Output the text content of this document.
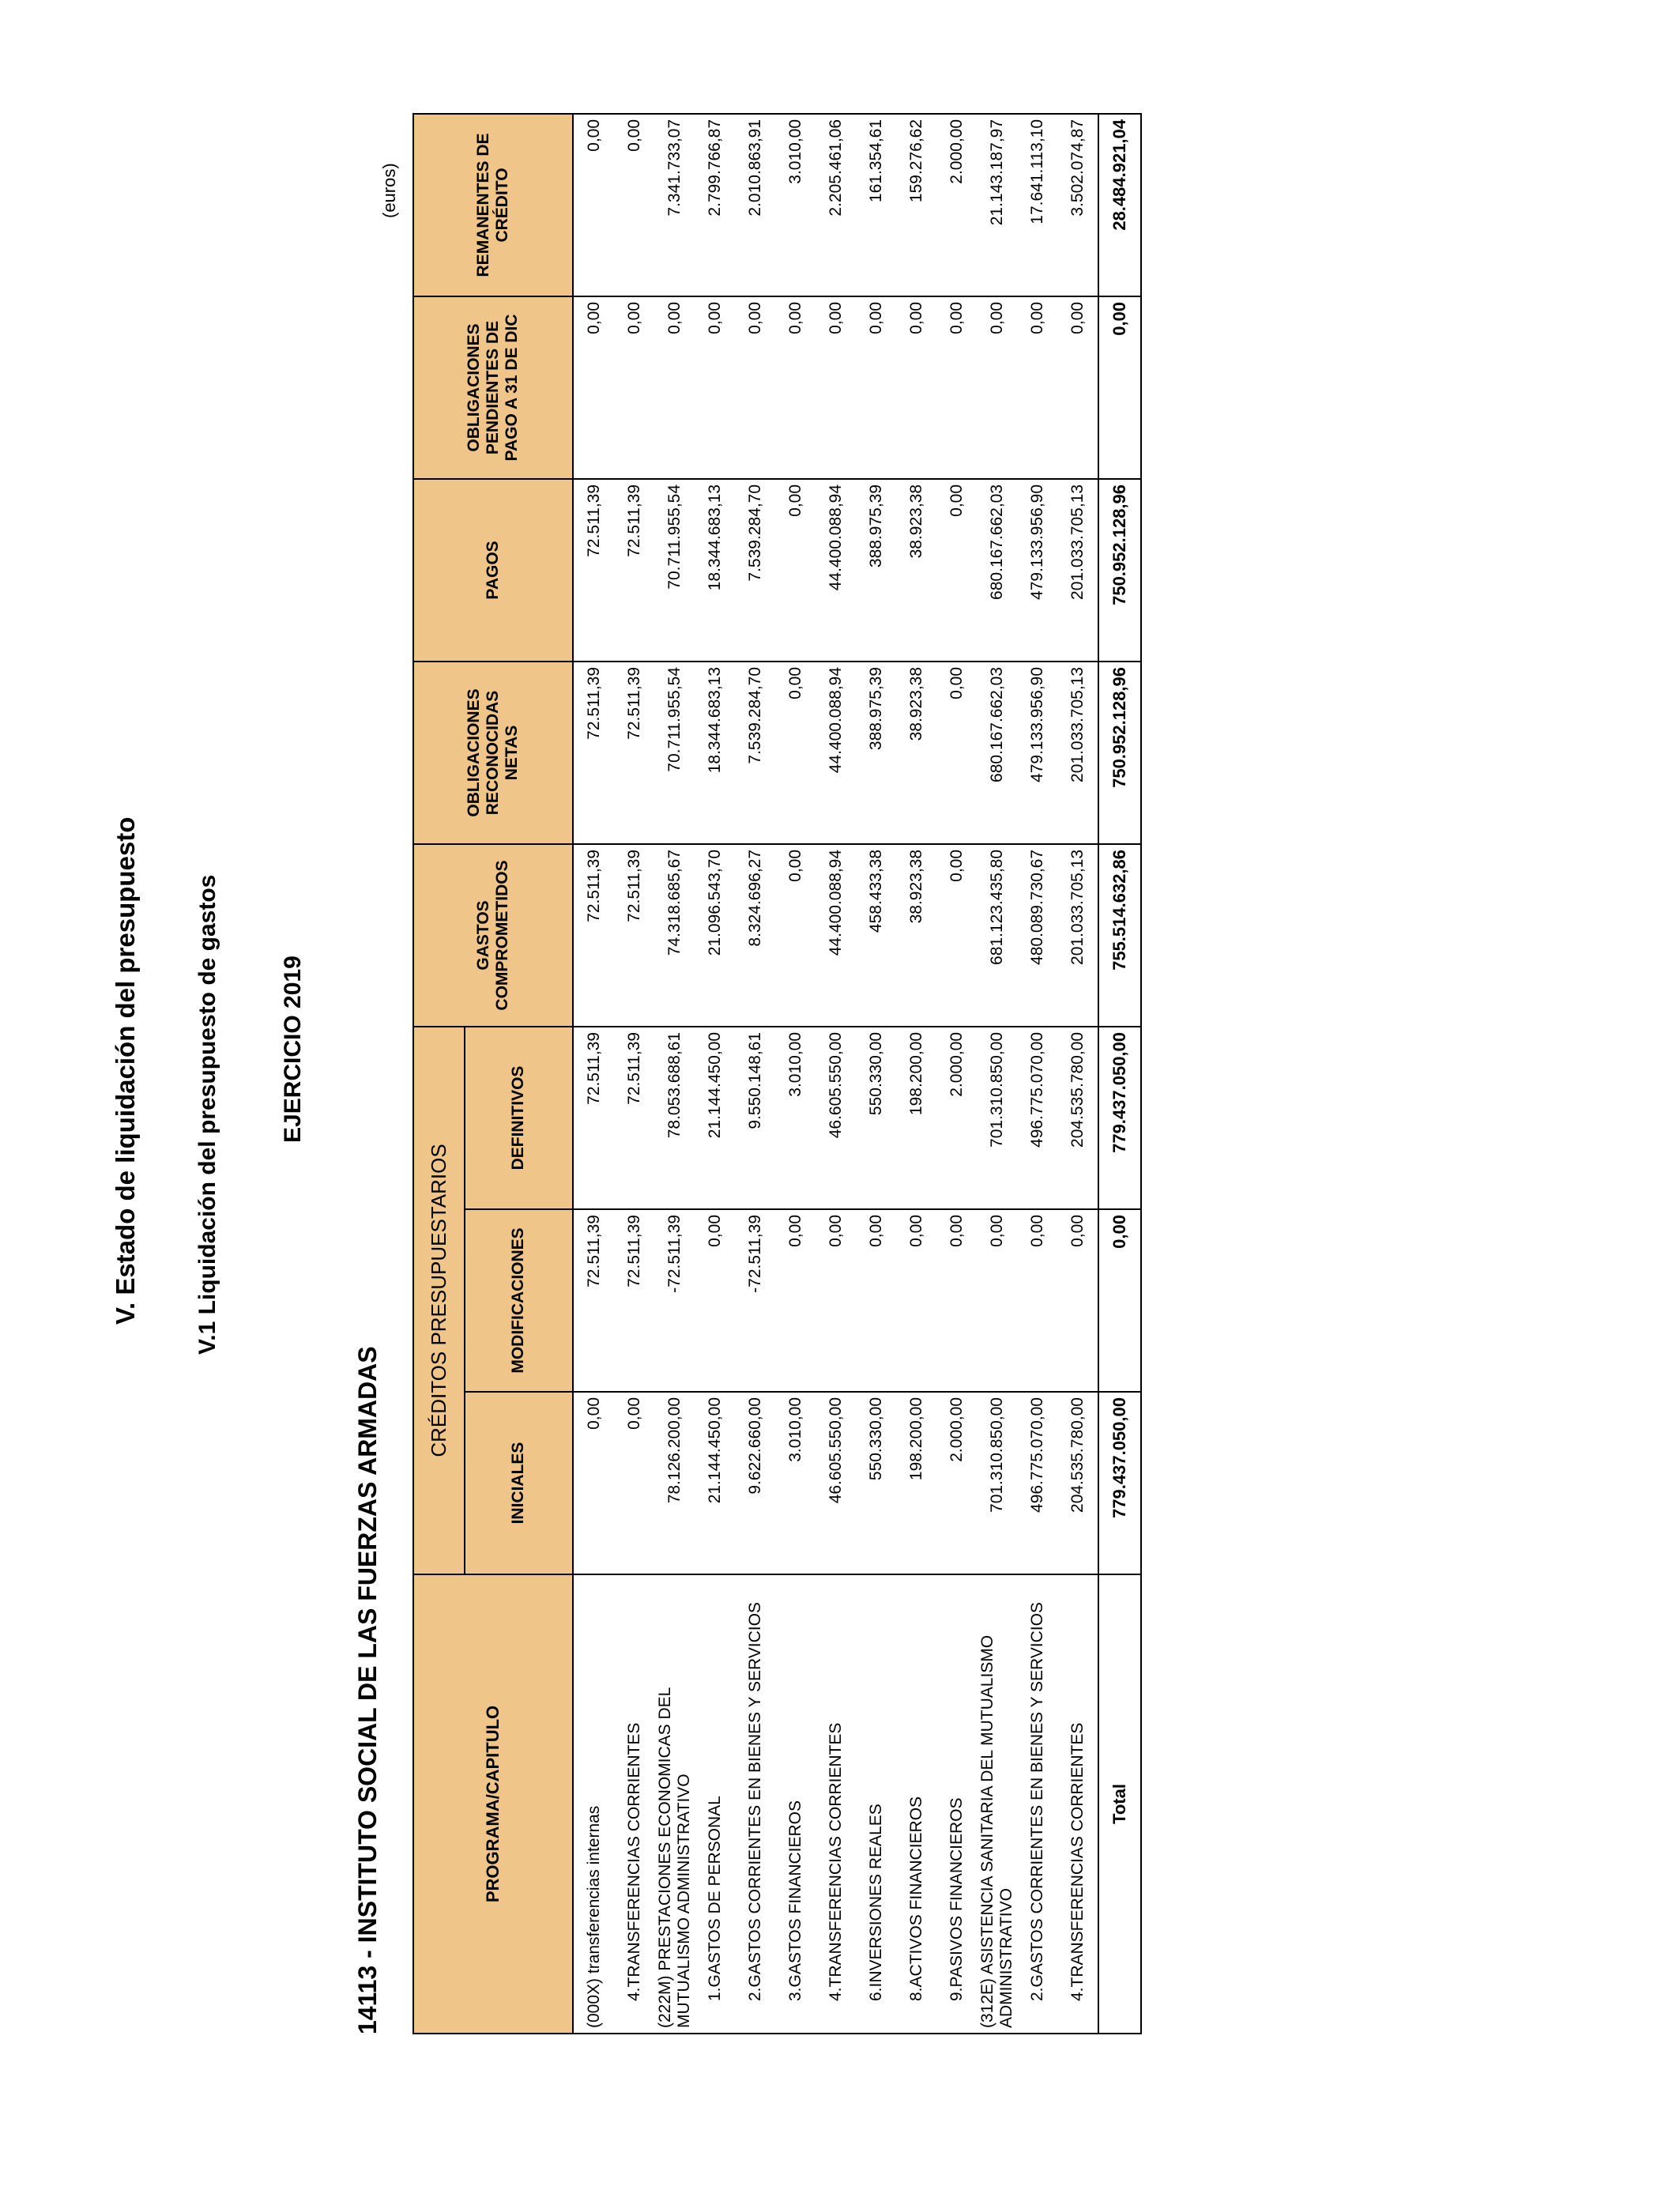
V. Estado de liquidación del presupuesto V.1 Liquidación del presupuesto de gastos	EJERCICIO 2019
14113 - INSTITUTO SOCIAL DE LAS FUERZAS ARMADAS
(euros)
PROGRAMA/CAPITULO	CRÉDITOS PRESUPUESTARIOS			GASTOS COMPROMETIDOS	OBLIGACIONES RECONOCIDAS NETAS	PAGOS	OBLIGACIONES PENDIENTES DE PAGO A 31 DE DIC	REMANENTES DE CRÉDITO
	INICIALES	MODIFICACIONES	DEFINITIVOS					
(000X) transferencias internas	0,00	72.511,39	72.511,39	72.511,39	72.511,39	72.511,39	0,00	0,00
4.TRANSFERENCIAS CORRIENTES	0,00	72.511,39	72.511,39	72.511,39	72.511,39	72.511,39	0,00	0,00
(222M) PRESTACIONES ECONOMICAS DEL MUTUALISMO ADMINISTRATIVO	78.126.200,00	-72.511,39	78.053.688,61	74.318.685,67	70.711.955,54	70.711.955,54	0,00	7.341.733,07
1.GASTOS DE PERSONAL	21.144.450,00	0,00	21.144.450,00	21.096.543,70	18.344.683,13	18.344.683,13	0,00	2.799.766,87
2.GASTOS CORRIENTES EN BIENES Y SERVICIOS	9.622.660,00	-72.511,39	9.550.148,61	8.324.696,27	7.539.284,70	7.539.284,70	0,00	2.010.863,91
3.GASTOS FINANCIEROS	3.010,00	0,00	3.010,00	0,00	0,00	0,00	0,00	3.010,00
4.TRANSFERENCIAS CORRIENTES	46.605.550,00	0,00	46.605.550,00	44.400.088,94	44.400.088,94	44.400.088,94	0,00	2.205.461,06
6.INVERSIONES REALES	550.330,00	0,00	550.330,00	458.433,38	388.975,39	388.975,39	0,00	161.354,61
8.ACTIVOS FINANCIEROS	198.200,00	0,00	198.200,00	38.923,38	38.923,38	38.923,38	0,00	159.276,62
9.PASIVOS FINANCIEROS	2.000,00	0,00	2.000,00	0,00	0,00	0,00	0,00	2.000,00
(312E) ASISTENCIA SANITARIA DEL MUTUALISMO ADMINISTRATIVO	701.310.850,00	0,00	701.310.850,00	681.123.435,80	680.167.662,03	680.167.662,03	0,00	21.143.187,97
2.GASTOS CORRIENTES EN BIENES Y SERVICIOS	496.775.070,00	0,00	496.775.070,00	480.089.730,67	479.133.956,90	479.133.956,90	0,00	17.641.113,10
4.TRANSFERENCIAS CORRIENTES	204.535.780,00	0,00	204.535.780,00	201.033.705,13	201.033.705,13	201.033.705,13	0,00	3.502.074,87
Total	779.437.050,00	0,00	779.437.050,00	755.514.632,86	750.952.128,96	750.952.128,96	0,00	28.484.921,04
